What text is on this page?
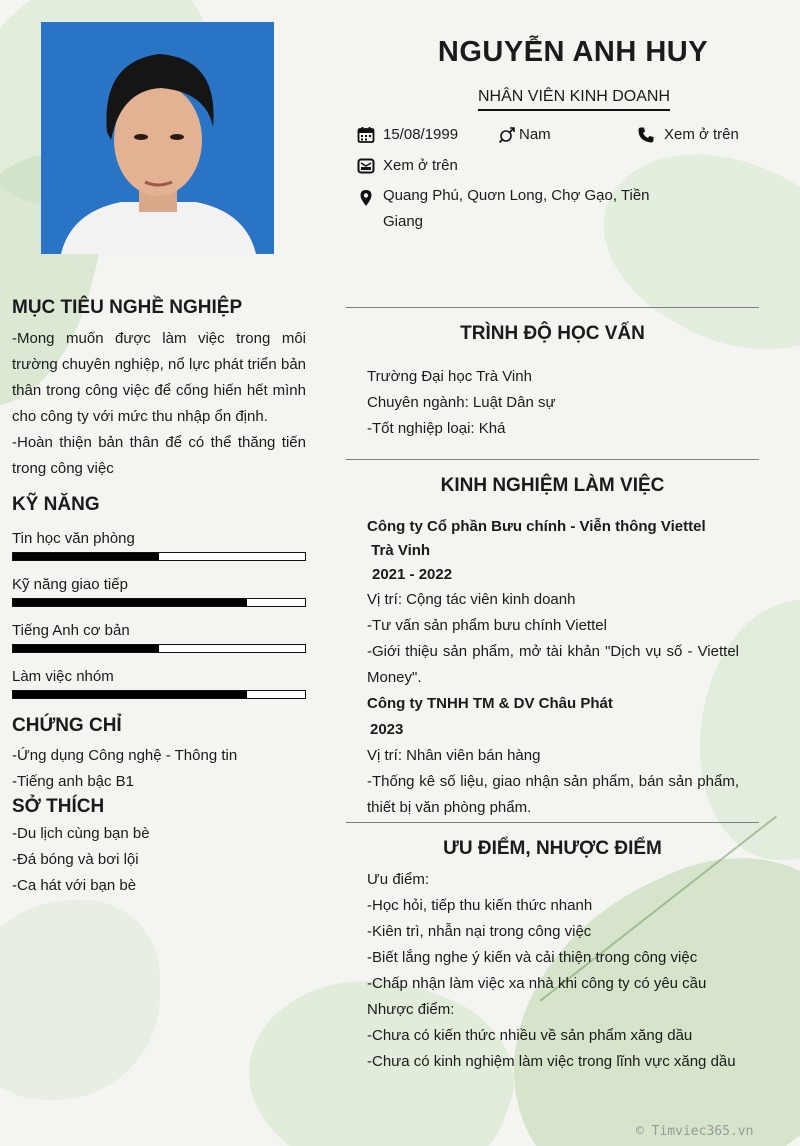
NGUYỄN ANH HUY
NHÂN VIÊN KINH DOANH
15/08/1999	Nam	Xem ở trên
Xem ở trên
Quang Phú, Quơn Long, Chợ Gạo, Tiền Giang
MỤC TIÊU NGHỀ NGHIỆP
-Mong muốn được làm việc trong môi trường chuyên nghiệp, nổ lực phát triển bản thân trong công việc để cống hiến hết mình cho công ty với mức thu nhập ổn định.
-Hoàn thiện bản thân để có thể thăng tiến trong công việc
KỸ NĂNG
Tin học văn phòng
Kỹ năng giao tiếp
Tiếng Anh cơ bản
Làm việc nhóm
CHỨNG CHỈ
-Ứng dụng Công nghệ - Thông tin
-Tiếng anh bậc B1
SỞ THÍCH
-Du lịch cùng bạn bè
-Đá bóng và bơi lội
-Ca hát với bạn bè
TRÌNH ĐỘ HỌC VẤN
Trường Đại học Trà Vinh
Chuyên ngành: Luật Dân sự
-Tốt nghiệp loại: Khá
KINH NGHIỆM LÀM VIỆC
Công ty Cổ phần Bưu chính - Viễn thông Viettel
Trà Vinh
2021 - 2022
Vị trí: Cộng tác viên kinh doanh
-Tư vấn sản phẩm bưu chính Viettel
-Giới thiệu sản phẩm, mở tài khản "Dịch vụ số - Viettel Money".
Công ty TNHH TM & DV Châu Phát
2023
Vị trí: Nhân viên bán hàng
-Thống kê số liệu, giao nhận sản phẩm, bán sản phẩm, thiết bị văn phòng phẩm.
ƯU ĐIỂM, NHƯỢC ĐIỂM
Ưu điểm:
-Học hỏi, tiếp thu kiến thức nhanh
-Kiên trì, nhẫn nại trong công việc
-Biết lắng nghe ý kiến và cải thiện trong công việc
-Chấp nhận làm việc xa nhà khi công ty có yêu cầu
Nhược điểm:
-Chưa có kiến thức nhiều về sản phẩm xăng dầu
-Chưa có kinh nghiệm làm việc trong lĩnh vực xăng dầu
© Timviec365.vn
